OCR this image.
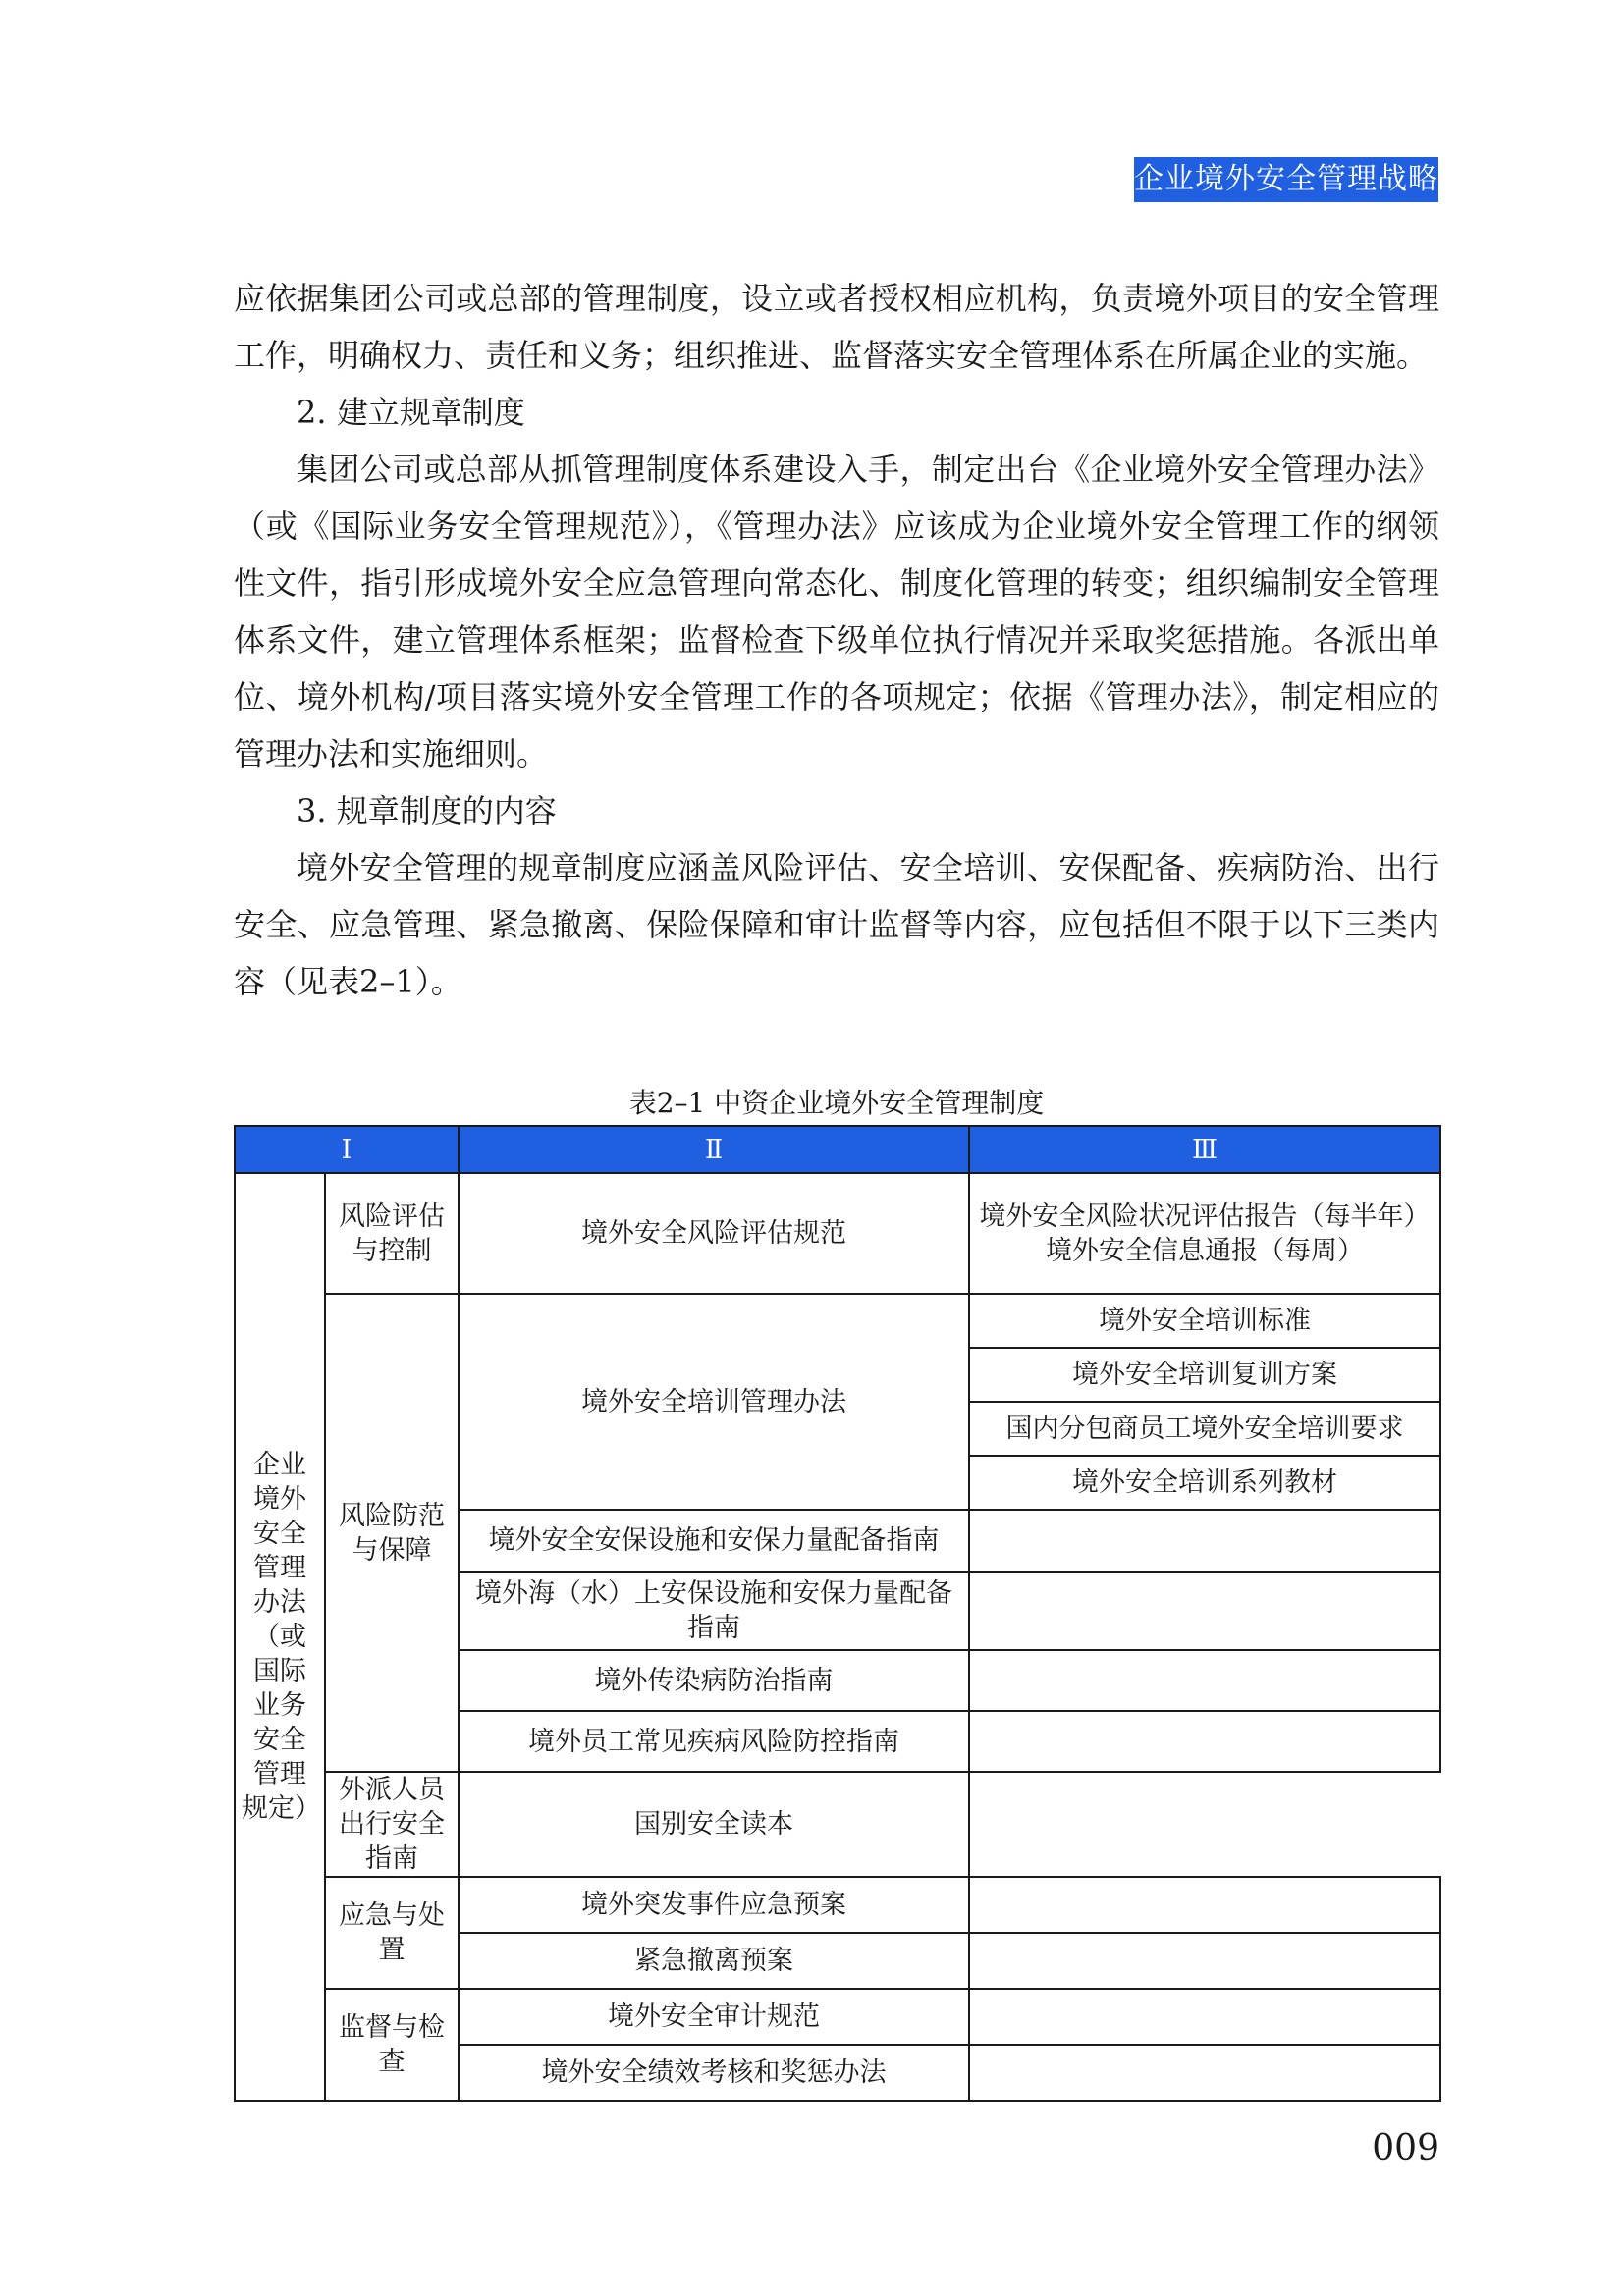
企业境外安全管理战略

应依据集团公司或总部的管理制度，设立或者授权相应机构，负责境外项目的安全管理工作，明确权力、责任和义务；组织推进、监督落实安全管理体系在所属企业的实施。

2. 建立规章制度

集团公司或总部从抓管理制度体系建设入手，制定出台《企业境外安全管理办法》（或《国际业务安全管理规范》），《管理办法》应该成为企业境外安全管理工作的纲领性文件，指引形成境外安全应急管理向常态化、制度化管理的转变；组织编制安全管理体系文件，建立管理体系框架；监督检查下级单位执行情况并采取奖惩措施。各派出单位、境外机构/项目落实境外安全管理工作的各项规定；依据《管理办法》，制定相应的管理办法和实施细则。

3. 规章制度的内容

境外安全管理的规章制度应涵盖风险评估、安全培训、安保配备、疾病防治、出行安全、应急管理、紧急撤离、保险保障和审计监督等内容，应包括但不限于以下三类内容（见表2–1）。

表2–1 中资企业境外安全管理制度
Ⅰ		Ⅱ	Ⅲ
企业境外安全管理办法（或国际业务安全管理规定）	风险评估与控制	境外安全风险评估规范	境外安全风险状况评估报告（每半年）
境外安全信息通报（每周）

	风险防范与保障	境外安全培训管理办法	境外安全培训标准
			境外安全培训复训方案
			国内分包商员工境外安全培训要求
			境外安全培训系列教材
		境外安全安保设施和安保力量配备指南	
		境外海（水）上安保设施和安保力量配备指南	
		境外传染病防治指南	
		境外员工常见疾病风险防控指南	
	外派人员出行安全指南	国别安全读本	
	应急与处置	境外突发事件应急预案	
		紧急撤离预案	
	监督与检查	境外安全审计规范	
		境外安全绩效考核和奖惩办法	
009
